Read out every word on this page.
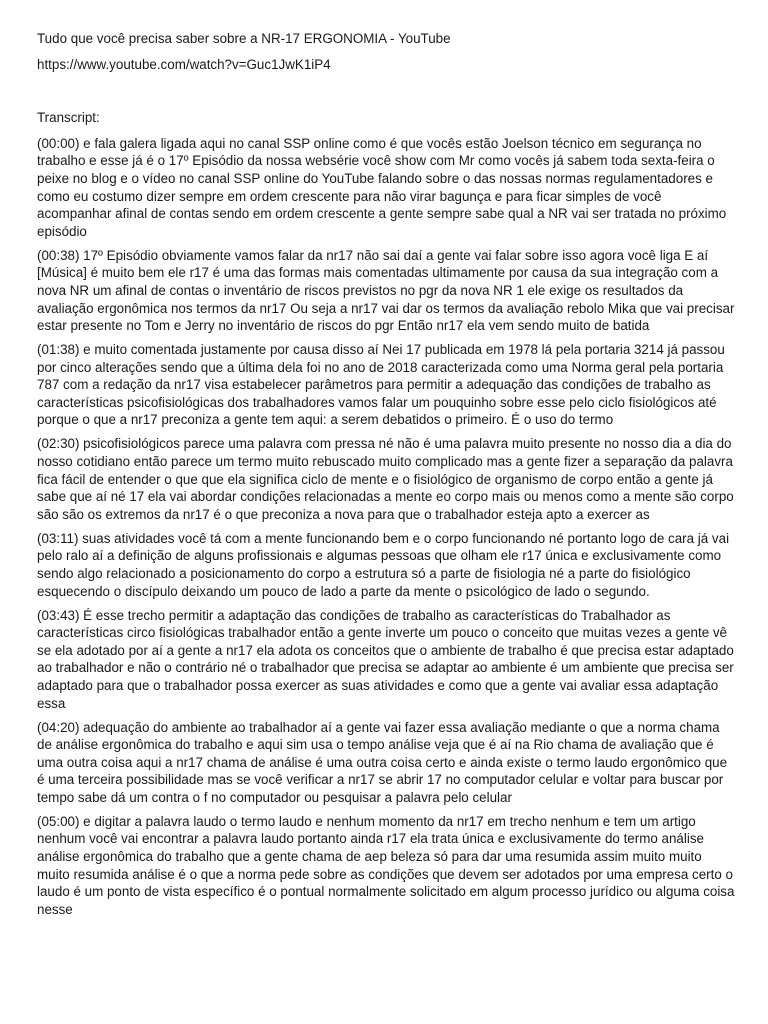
Tudo que você precisa saber sobre a NR-17 ERGONOMIA - YouTube

https://www.youtube.com/watch?v=Guc1JwK1iP4

Transcript:

(00:00) e fala galera ligada aqui no canal SSP online como é que vocês estão Joelson técnico em segurança no trabalho e esse já é o 17º Episódio da nossa websérie você show com Mr como vocês já sabem toda sexta-feira o peixe no blog e o vídeo no canal SSP online do YouTube falando sobre o das nossas normas regulamentadores e como eu costumo dizer sempre em ordem crescente para não virar bagunça e para ficar simples de você acompanhar afinal de contas sendo em ordem crescente a gente sempre sabe qual a NR vai ser tratada no próximo episódio

(00:38) 17º Episódio obviamente vamos falar da nr17 não sai daí a gente vai falar sobre isso agora você liga E aí [Música] é muito bem ele r17 é uma das formas mais comentadas ultimamente por causa da sua integração com a nova NR um afinal de contas o inventário de riscos previstos no pgr da nova NR 1 ele exige os resultados da avaliação ergonômica nos termos da nr17 Ou seja a nr17 vai dar os termos da avaliação rebolo Mika que vai precisar estar presente no Tom e Jerry no inventário de riscos do pgr Então nr17 ela vem sendo muito de batida

(01:38) e muito comentada justamente por causa disso aí Nei 17 publicada em 1978 lá pela portaria 3214 já passou por cinco alterações sendo que a última dela foi no ano de 2018 caracterizada como uma Norma geral pela portaria 787 com a redação da nr17 visa estabelecer parâmetros para permitir a adequação das condições de trabalho as características psicofisiológicas dos trabalhadores vamos falar um pouquinho sobre esse pelo ciclo fisiológicos até porque o que a nr17 preconiza a gente tem aqui: a serem debatidos o primeiro. É o uso do termo

(02:30) psicofisiológicos parece uma palavra com pressa né não é uma palavra muito presente no nosso dia a dia do nosso cotidiano então parece um termo muito rebuscado muito complicado mas a gente fizer a separação da palavra fica fácil de entender o que que ela significa ciclo de mente e o fisiológico de organismo de corpo então a gente já sabe que aí né 17 ela vai abordar condições relacionadas a mente eo corpo mais ou menos como a mente são corpo são são os extremos da nr17 é o que preconiza a nova para que o trabalhador esteja apto a exercer as

(03:11) suas atividades você tá com a mente funcionando bem e o corpo funcionando né portanto logo de cara já vai pelo ralo aí a definição de alguns profissionais e algumas pessoas que olham ele r17 única e exclusivamente como sendo algo relacionado a posicionamento do corpo a estrutura só a parte de fisiologia né a parte do fisiológico esquecendo o discípulo deixando um pouco de lado a parte da mente o psicológico de lado o segundo.

(03:43) É esse trecho permitir a adaptação das condições de trabalho as características do Trabalhador as características circo fisiológicas trabalhador então a gente inverte um pouco o conceito que muitas vezes a gente vê se ela adotado por aí a gente a nr17 ela adota os conceitos que o ambiente de trabalho é que precisa estar adaptado ao trabalhador e não o contrário né o trabalhador que precisa se adaptar ao ambiente é um ambiente que precisa ser adaptado para que o trabalhador possa exercer as suas atividades e como que a gente vai avaliar essa adaptação essa

(04:20) adequação do ambiente ao trabalhador aí a gente vai fazer essa avaliação mediante o que a norma chama de análise ergonômica do trabalho e aqui sim usa o tempo análise veja que é aí na Rio chama de avaliação que é uma outra coisa aqui a nr17 chama de análise é uma outra coisa certo e ainda existe o termo laudo ergonômico que é uma terceira possibilidade mas se você verificar a nr17 se abrir 17 no computador celular e voltar para buscar por tempo sabe dá um contra o f no computador ou pesquisar a palavra pelo celular

(05:00) e digitar a palavra laudo o termo laudo e nenhum momento da nr17 em trecho nenhum e tem um artigo nenhum você vai encontrar a palavra laudo portanto ainda r17 ela trata única e exclusivamente do termo análise análise ergonômica do trabalho que a gente chama de aep beleza só para dar uma resumida assim muito muito muito resumida análise é o que a norma pede sobre as condições que devem ser adotados por uma empresa certo o laudo é um ponto de vista específico é o pontual normalmente solicitado em algum processo jurídico ou alguma coisa nesse
